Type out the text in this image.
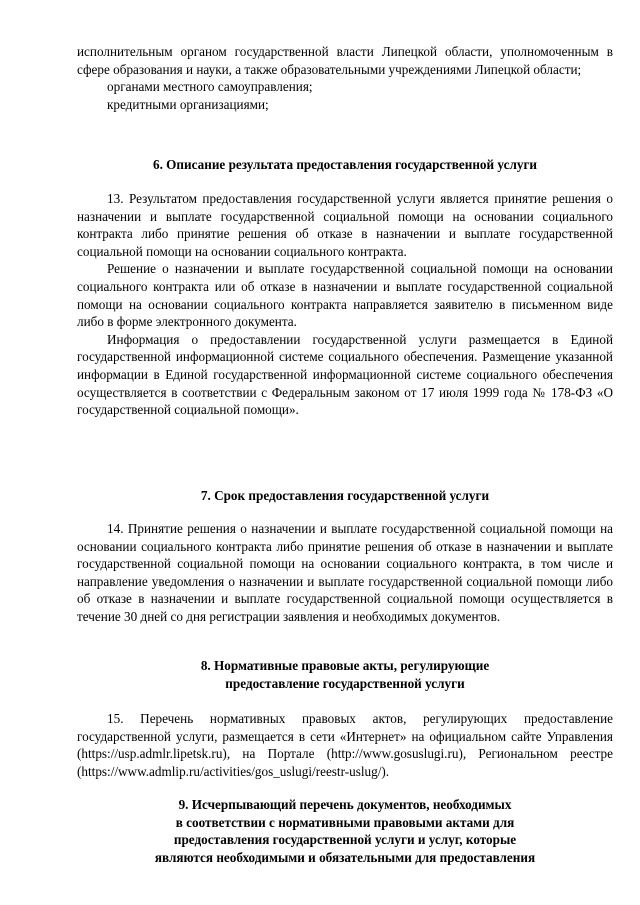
исполнительным органом государственной власти Липецкой области, уполномоченным в сфере образования и науки, а также образовательными учреждениями Липецкой области;

органами местного самоуправления;

кредитными организациями;

6. Описание результата предоставления государственной услуги

13. Результатом предоставления государственной услуги является принятие решения о назначении и выплате государственной социальной помощи на основании социального контракта либо принятие решения об отказе в назначении и выплате государственной социальной помощи на основании социального контракта.

Решение о назначении и выплате государственной социальной помощи на основании социального контракта или об отказе в назначении и выплате государственной социальной помощи на основании социального контракта направляется заявителю в письменном виде либо в форме электронного документа.

Информация о предоставлении государственной услуги размещается в Единой государственной информационной системе социального обеспечения. Размещение указанной информации в Единой государственной информационной системе социального обеспечения осуществляется в соответствии с Федеральным законом от 17 июля 1999 года № 178-ФЗ «О государственной социальной помощи».

7. Срок предоставления государственной услуги

14. Принятие решения о назначении и выплате государственной социальной помощи на основании социального контракта либо принятие решения об отказе в назначении и выплате государственной социальной помощи на основании социального контракта, в том числе и направление уведомления о назначении и выплате государственной социальной помощи либо об отказе в назначении и выплате государственной социальной помощи осуществляется в течение 30 дней со дня регистрации заявления и необходимых документов.

8. Нормативные правовые акты, регулирующие

предоставление государственной услуги

15. Перечень нормативных правовых актов, регулирующих предоставление государственной услуги, размещается в сети «Интернет» на официальном сайте Управления (https://usp.admlr.lipetsk.ru), на Портале (http://www.gosuslugi.ru), Региональном реестре (https://www.admlip.ru/activities/gos_uslugi/reestr-uslug/).

9. Исчерпывающий перечень документов, необходимых

в соответствии с нормативными правовыми актами для

предоставления государственной услуги и услуг, которые

являются необходимыми и обязательными для предоставления
